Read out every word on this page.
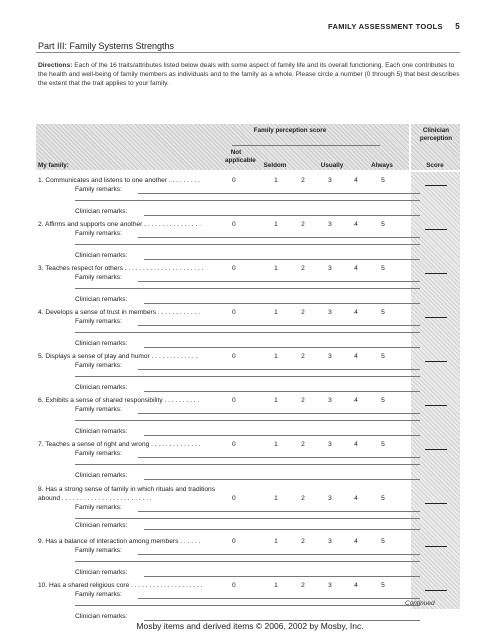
FAMILY ASSESSMENT TOOLS 5
Part III: Family Systems Strengths
Directions: Each of the 16 traits/attributes listed below deals with some aspect of family life and its overall functioning. Each one contributes to the health and well-being of family members as individuals and to the family as a whole. Please circle a number (0 through 5) that best describes the extent that the trait applies to your family.
Family perception score	Clinician perception
Not applicable
My family:	Seldom	Usually	Always	Score
1. Communicates and listens to one another . . . . . . . . .	0	1	2	3	4	5
Family remarks:
Clinician remarks:
2. Affirms and supports one another . . . . . . . . . . . . . . . .	0	1	2	3	4	5
Family remarks:
Clinician remarks:
3. Teaches respect for others . . . . . . . . . . . . . . . . . . . . . .	0	1	2	3	4	5
Family remarks:
Clinician remarks:
4. Develops a sense of trust in members . . . . . . . . . . . .	0	1	2	3	4	5
Family remarks:
Clinician remarks:
5. Displays a sense of play and humor . . . . . . . . . . . . .	0	1	2	3	4	5
Family remarks:
Clinician remarks:
6. Exhibits a sense of shared responsibility . . . . . . . . . .	0	1	2	3	4	5
Family remarks:
Clinician remarks:
7. Teaches a sense of right and wrong . . . . . . . . . . . . . .	0	1	2	3	4	5
Family remarks:
Clinician remarks:
8. Has a strong sense of family in which rituals and traditions abound . . . . . . . . . . . . . . . . . . . . . . . . .	0	1	2	3	4	5
Family remarks:
Clinician remarks:
9. Has a balance of interaction among members . . . . . .	0	1	2	3	4	5
Family remarks:
Clinician remarks:
10. Has a shared religious core . . . . . . . . . . . . . . . . . . . .	0	1	2	3	4	5
Family remarks:
Clinician remarks:
Continued
Mosby items and derived items © 2006, 2002 by Mosby, Inc.
